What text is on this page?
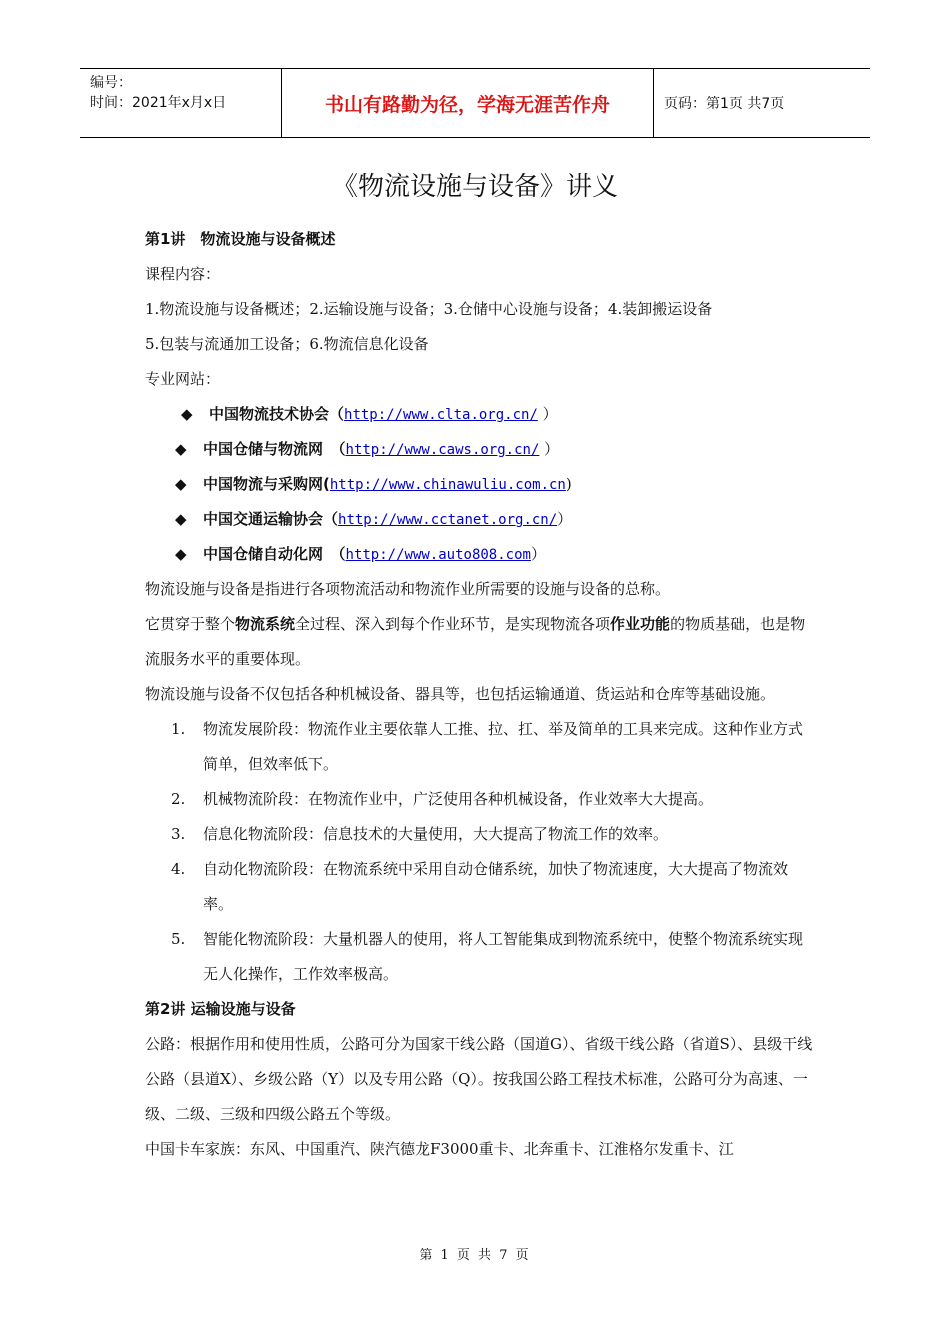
编号：
时间：2021年x月x日	书山有路勤为径，学海无涯苦作舟	页码：第1页 共7页
《物流设施与设备》讲义
第1讲　物流设施与设备概述
课程内容：
1.物流设施与设备概述；2.运输设施与设备；3.仓储中心设施与设备；4.装卸搬运设备
5.包装与流通加工设备；6.物流信息化设备
专业网站：
◆ 中国物流技术协会（http://www.clta.org.cn/ ）
◆ 中国仓储与物流网　（http://www.caws.org.cn/ ）
◆ 中国物流与采购网(http://www.chinawuliu.com.cn)
◆ 中国交通运输协会（http://www.cctanet.org.cn/）
◆ 中国仓储自动化网　（http://www.auto808.com）
物流设施与设备是指进行各项物流活动和物流作业所需要的设施与设备的总称。
它贯穿于整个物流系统全过程、深入到每个作业环节，是实现物流各项作业功能的物质基础，也是物流服务水平的重要体现。
物流设施与设备不仅包括各种机械设备、器具等，也包括运输通道、货运站和仓库等基础设施。
1.	物流发展阶段：物流作业主要依靠人工推、拉、扛、举及简单的工具来完成。这种作业方式简单，但效率低下。
2.	机械物流阶段：在物流作业中，广泛使用各种机械设备，作业效率大大提高。
3.	信息化物流阶段：信息技术的大量使用，大大提高了物流工作的效率。
4.	自动化物流阶段：在物流系统中采用自动仓储系统，加快了物流速度，大大提高了物流效率。
5.	智能化物流阶段：大量机器人的使用，将人工智能集成到物流系统中，使整个物流系统实现无人化操作，工作效率极高。
第2讲 运输设施与设备
公路：根据作用和使用性质，公路可分为国家干线公路（国道G）、省级干线公路（省道S）、县级干线公路（县道X）、乡级公路（Y）以及专用公路（Q）。按我国公路工程技术标准，公路可分为高速、一级、二级、三级和四级公路五个等级。
中国卡车家族：东风、中国重汽、陕汽德龙F3000重卡、北奔重卡、江淮格尔发重卡、江
第 1 页 共 7 页
